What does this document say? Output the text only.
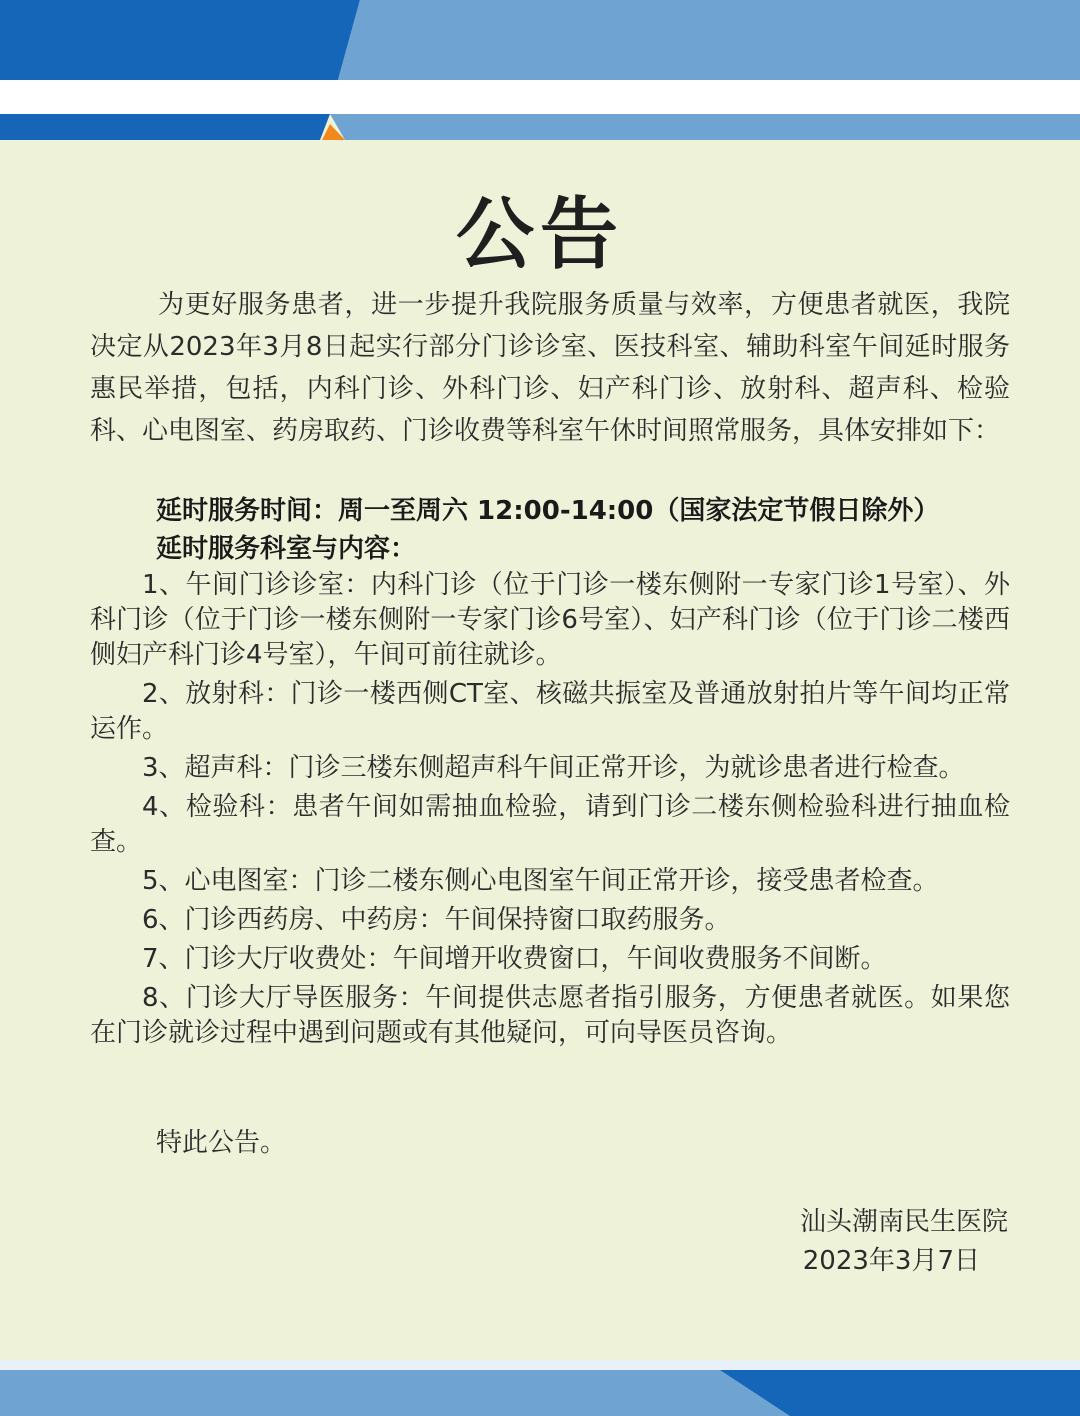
公告
为更好服务患者，进一步提升我院服务质量与效率，方便患者就医，我院决定从2023年3月8日起实行部分门诊诊室、医技科室、辅助科室午间延时服务惠民举措，包括，内科门诊、外科门诊、妇产科门诊、放射科、超声科、检验科、心电图室、药房取药、门诊收费等科室午休时间照常服务，具体安排如下：
延时服务时间：周一至周六 12:00-14:00（国家法定节假日除外）
延时服务科室与内容：
1、午间门诊诊室：内科门诊（位于门诊一楼东侧附一专家门诊1号室）、外科门诊（位于门诊一楼东侧附一专家门诊6号室）、妇产科门诊（位于门诊二楼西侧妇产科门诊4号室），午间可前往就诊。
2、放射科：门诊一楼西侧CT室、核磁共振室及普通放射拍片等午间均正常运作。
3、超声科：门诊三楼东侧超声科午间正常开诊，为就诊患者进行检查。
4、检验科：患者午间如需抽血检验，请到门诊二楼东侧检验科进行抽血检查。
5、心电图室：门诊二楼东侧心电图室午间正常开诊，接受患者检查。
6、门诊西药房、中药房：午间保持窗口取药服务。
7、门诊大厅收费处：午间增开收费窗口，午间收费服务不间断。
8、门诊大厅导医服务：午间提供志愿者指引服务，方便患者就医。如果您在门诊就诊过程中遇到问题或有其他疑问，可向导医员咨询。
特此公告。
汕头潮南民生医院
2023年3月7日
